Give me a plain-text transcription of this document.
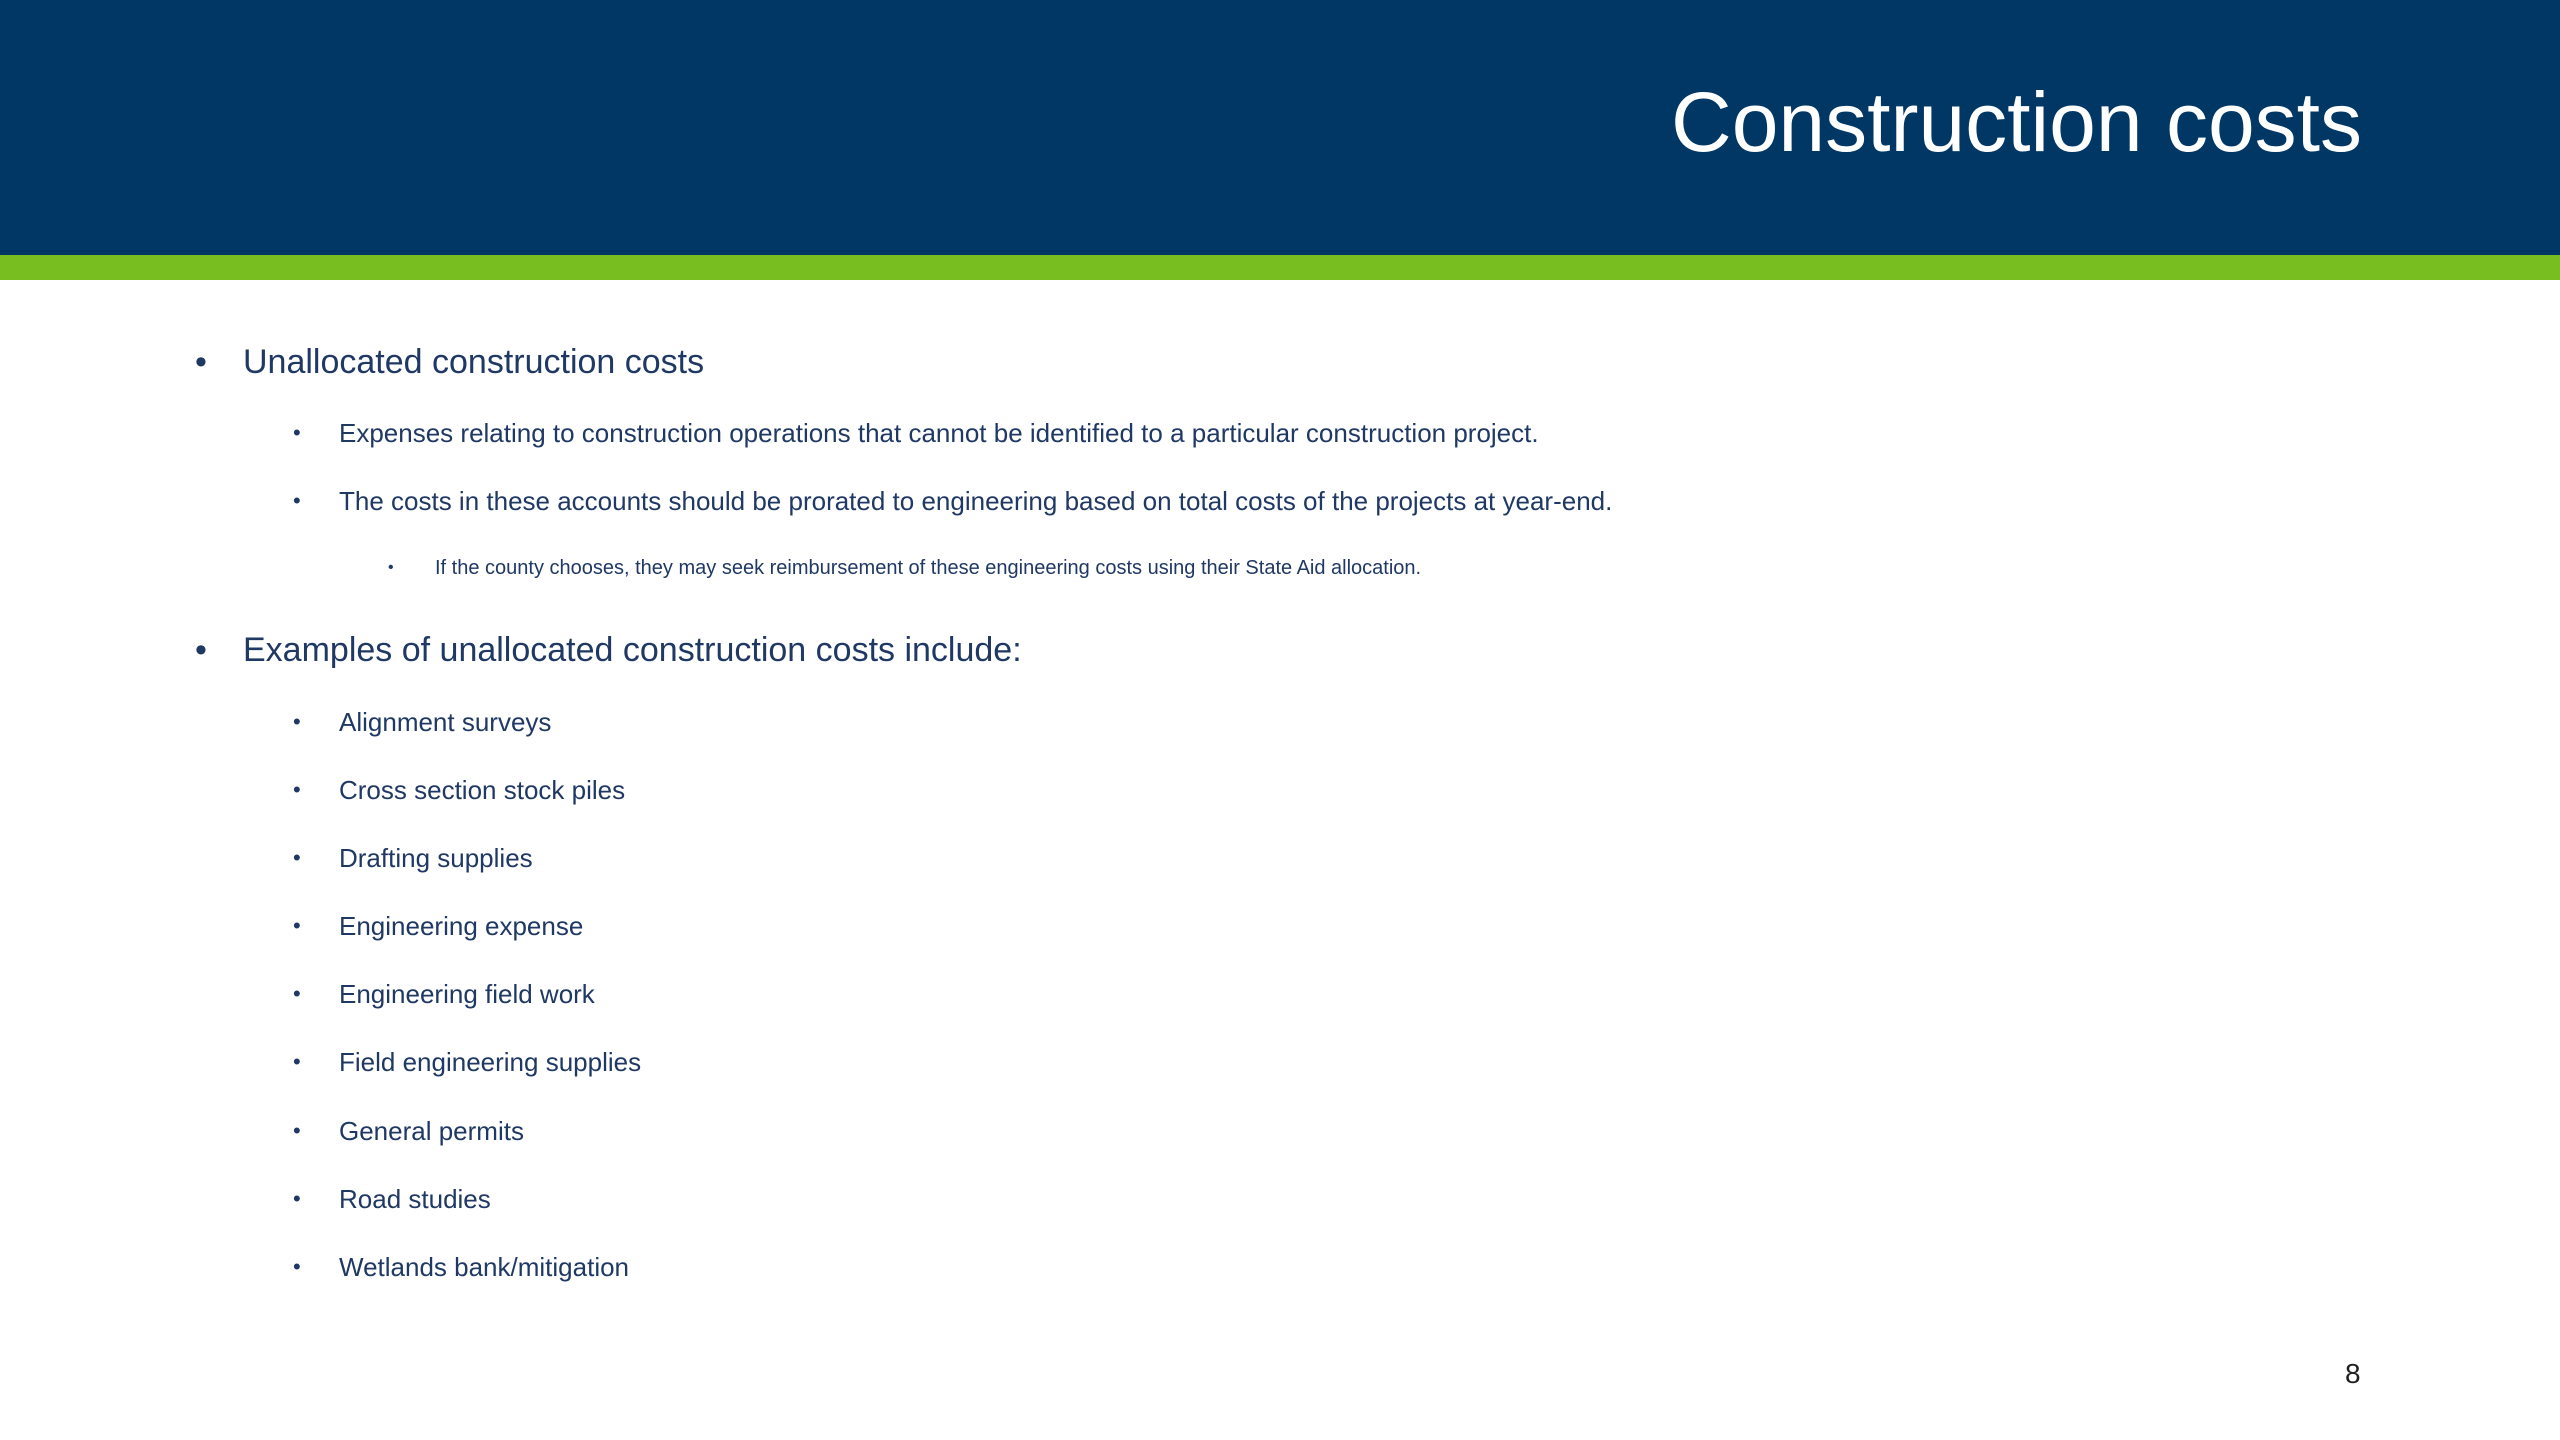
Construction costs
• Unallocated construction costs
• Expenses relating to construction operations that cannot be identified to a particular construction project.
• The costs in these accounts should be prorated to engineering based on total costs of the projects at year-end.
• If the county chooses, they may seek reimbursement of these engineering costs using their State Aid allocation.
• Examples of unallocated construction costs include:
• Alignment surveys
• Cross section stock piles
• Drafting supplies
• Engineering expense
• Engineering field work
• Field engineering supplies
• General permits
• Road studies
• Wetlands bank/mitigation
8
